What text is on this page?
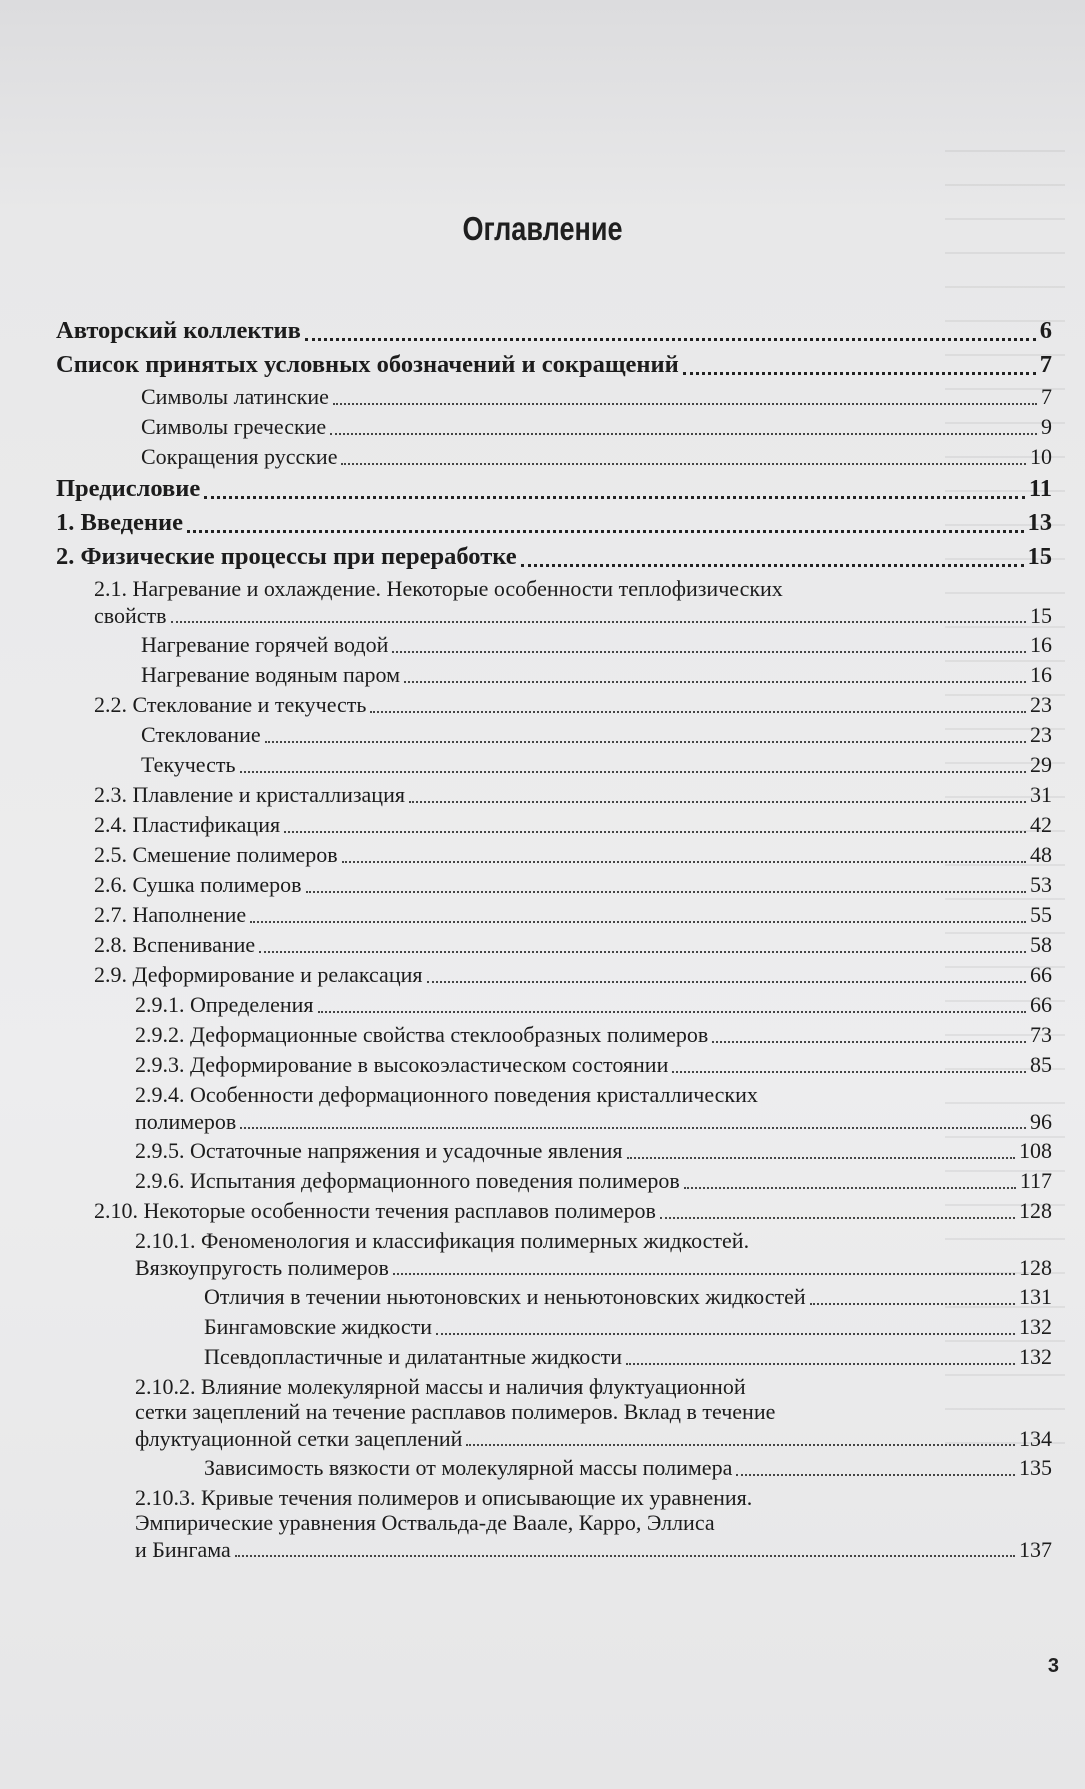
Оглавление
Авторский коллектив	6
Список принятых условных обозначений и сокращений	7
Символы латинские	7
Символы греческие	9
Сокращения русские	10
Предисловие	11
1. Введение	13
2. Физические процессы при переработке	15
2.1. Нагревание и охлаждение. Некоторые особенности теплофизических
свойств	15
Нагревание горячей водой	16
Нагревание водяным паром	16
2.2. Стеклование и текучесть	23
Стеклование	23
Текучесть	29
2.3. Плавление и кристаллизация	31
2.4. Пластификация	42
2.5. Смешение полимеров	48
2.6. Сушка полимеров	53
2.7. Наполнение	55
2.8. Вспенивание	58
2.9. Деформирование и релаксация	66
2.9.1. Определения	66
2.9.2. Деформационные свойства стеклообразных полимеров	73
2.9.3. Деформирование в высокоэластическом состоянии	85
2.9.4. Особенности деформационного поведения кристаллических
полимеров	96
2.9.5. Остаточные напряжения и усадочные явления	108
2.9.6. Испытания деформационного поведения полимеров	117
2.10. Некоторые особенности течения расплавов полимеров	128
2.10.1. Феноменология и классификация полимерных жидкостей.
Вязкоупругость полимеров	128
Отличия в течении ньютоновских и неньютоновских жидкостей	131
Бингамовские жидкости	132
Псевдопластичные и дилатантные жидкости	132
2.10.2. Влияние молекулярной массы и наличия флуктуационной
сетки зацеплений на течение расплавов полимеров. Вклад в течение
флуктуационной сетки зацеплений	134
Зависимость вязкости от молекулярной массы полимера	135
2.10.3. Кривые течения полимеров и описывающие их уравнения.
Эмпирические уравнения Оствальда-де Ваале, Карро, Эллиса
и Бингама	137
3
